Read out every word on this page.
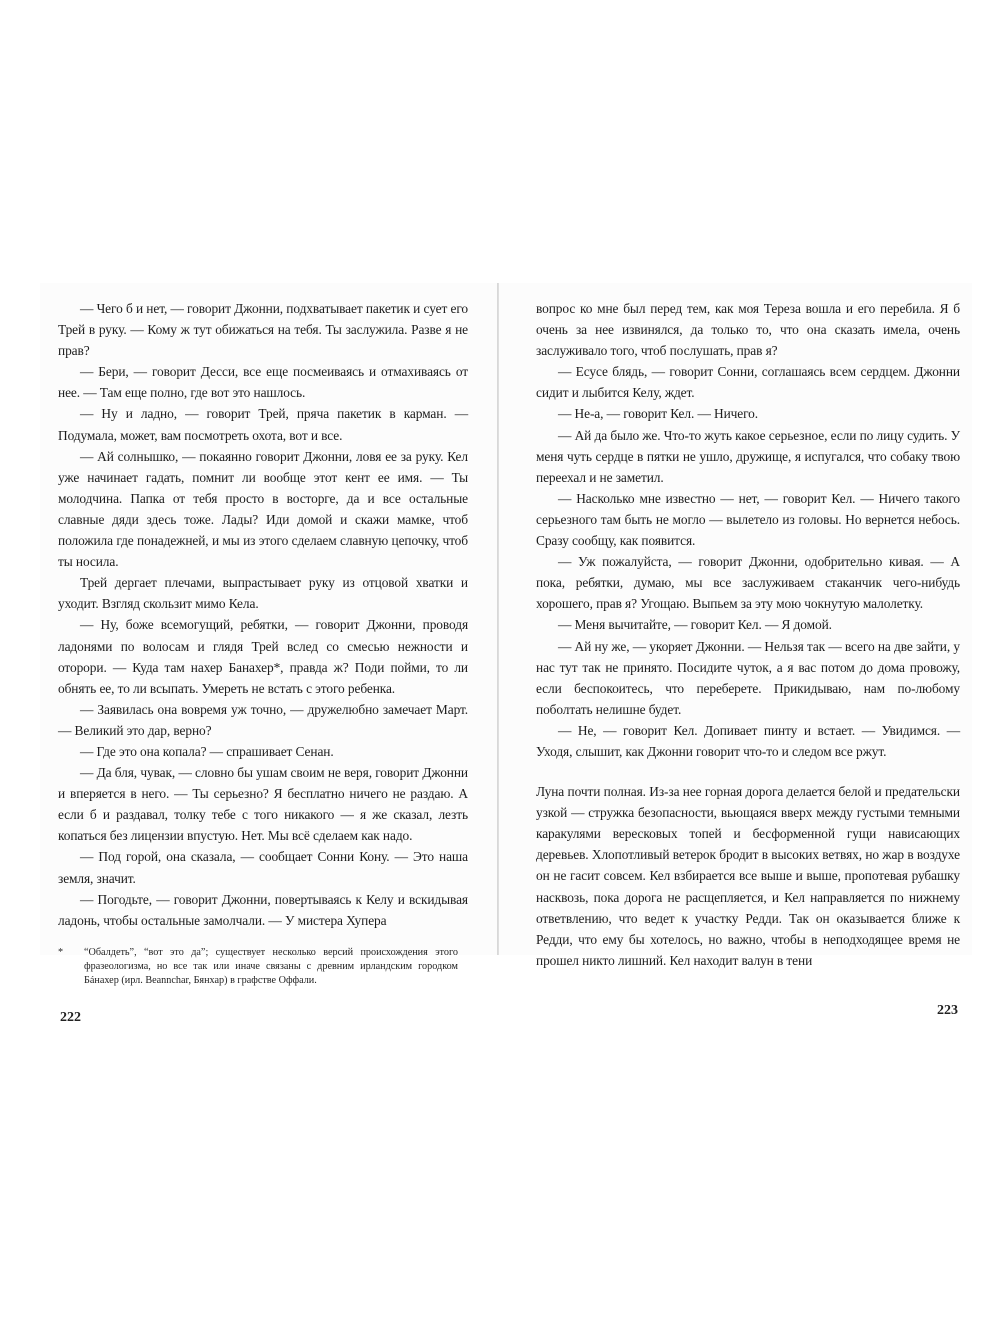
— Чего б и нет, — говорит Джонни, подхватывает пакетик и сует его Трей в руку. — Кому ж тут обижаться на тебя. Ты заслужила. Разве я не прав?

— Бери, — говорит Десси, все еще посмеиваясь и отмахиваясь от нее. — Там еще полно, где вот это нашлось.

— Ну и ладно, — говорит Трей, пряча пакетик в карман. — Подумала, может, вам посмотреть охота, вот и все.

— Ай солнышко, — покаянно говорит Джонни, ловя ее за руку. Кел уже начинает гадать, помнит ли вообще этот кент ее имя. — Ты молодчина. Папка от тебя просто в восторге, да и все остальные славные дяди здесь тоже. Лады? Иди домой и скажи мамке, чтоб положила где понадежней, и мы из этого сделаем славную цепочку, чтоб ты носила.

Трей дергает плечами, выпрастывает руку из отцовой хватки и уходит. Взгляд скользит мимо Кела.

— Ну, боже всемогущий, ребятки, — говорит Джонни, проводя ладонями по волосам и глядя Трей вслед со смесью нежности и отороpи. — Куда там нахер Банахер*, правда ж? Поди пойми, то ли обнять ее, то ли всыпать. Умереть не встать с этого ребенка.

— Заявилась она вовремя уж точно, — дружелюбно замечает Март. — Великий это дар, верно?

— Где это она копала? — спрашивает Сенан.

— Да бля, чувак, — словно бы ушам своим не веря, говорит Джонни и вперяется в него. — Ты серьезно? Я бесплатно ничего не раздаю. А если б и раздавал, толку тебе с того никакого — я же сказал, лезть копаться без лицензии впустую. Нет. Мы всё сделаем как надо.

— Под горой, она сказала, — сообщает Сонни Кону. — Это наша земля, значит.

— Погодьте, — говорит Джонни, повертываясь к Келу и вскидывая ладонь, чтобы остальные замолчали. — У мистера Хупера

*	“Обалдеть”, “вот это да”; существует несколько версий происхождения этого фразеологизма, но все так или иначе связаны с древним ирландским городком Бáнахер (ирл. Beannchar, Бянхар) в графстве Оффали.
222

вопрос ко мне был перед тем, как моя Тереза вошла и его перебила. Я б очень за нее извинялся, да только то, что она сказать имела, очень заслуживало того, чтоб послушать, прав я?

— Есусе блядь, — говорит Сонни, соглашаясь всем сердцем. Джонни сидит и лыбится Келу, ждет.

— Не-а, — говорит Кел. — Ничего.

— Ай да было же. Что-то жуть какое серьезное, если по лицу судить. У меня чуть сердце в пятки не ушло, дружище, я испугался, что собаку твою переехал и не заметил.

— Насколько мне известно — нет, — говорит Кел. — Ничего такого серьезного там быть не могло — вылетело из головы. Но вернется небось. Сразу сообщу, как появится.

— Уж пожалуйста, — говорит Джонни, одобрительно кивая. — А пока, ребятки, думаю, мы все заслуживаем стаканчик чего-нибудь хорошего, прав я? Угощаю. Выпьем за эту мою чокнутую малолетку.

— Меня вычитайте, — говорит Кел. — Я домой.

— Ай ну же, — укоряет Джонни. — Нельзя так — всего на две зайти, у нас тут так не принято. Посидите чуток, а я вас потом до дома провожу, если беспокоитесь, что переберете. Прикидываю, нам по-любому поболтать нелишне будет.

— Не, — говорит Кел. Допивает пинту и встает. — Увидимся. — Уходя, слышит, как Джонни говорит что-то и следом все ржут.

Луна почти полная. Из-за нее горная дорога делается белой и предательски узкой — стружка безопасности, вьющаяся вверх между густыми темными каракулями вересковых топей и бесформенной гущи нависающих деревьев. Хлопотливый ветерок бродит в высоких ветвях, но жар в воздухе он не гасит совсем. Кел взбирается все выше и выше, пропотевая рубашку насквозь, пока дорога не расщепляется, и Кел направляется по нижнему ответвлению, что ведет к участку Редди. Так он оказывается ближе к Редди, что ему бы хотелось, но важно, чтобы в неподходящее время не прошел никто лишний. Кел находит валун в тени

223
